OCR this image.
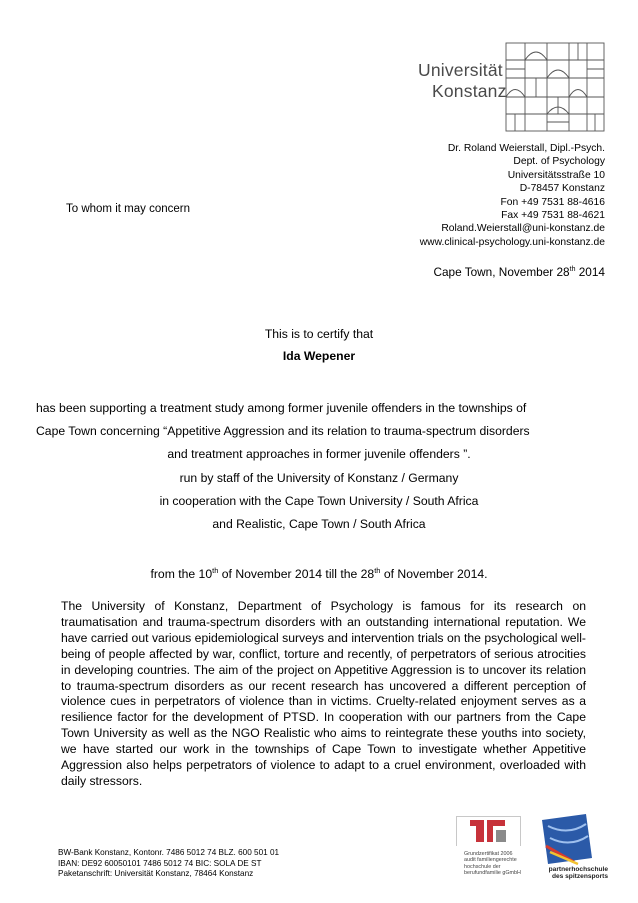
Universität
Konstanz
Dr. Roland Weierstall, Dipl.-Psych.
Dept. of Psychology
Universitätsstraße 10
D-78457 Konstanz
Fon +49 7531 88-4616
Fax +49 7531 88-4621
Roland.Weierstall@uni-konstanz.de
www.clinical-psychology.uni-konstanz.de
To whom it may concern
Cape Town, November 28th 2014
This is to certify that
Ida Wepener
has been supporting a treatment study among former juvenile offenders in the townships of
Cape Town concerning “Appetitive Aggression and its relation to trauma-spectrum disorders
and treatment approaches in former juvenile offenders ”.
run by staff of the University of Konstanz / Germany
in cooperation with the Cape Town University / South Africa
and Realistic, Cape Town / South Africa
from the 10th of November 2014 till the 28th of November 2014.
The University of Konstanz, Department of Psychology is famous for its research on traumatisation and trauma-spectrum disorders with an outstanding international reputation. We have carried out various epidemiological surveys and intervention trials on the psychological well-being of people affected by war, conflict, torture and recently, of perpetrators of serious atrocities in developing countries. The aim of the project on Appetitive Aggression is to uncover its relation to trauma-spectrum disorders as our recent research has uncovered a different perception of violence cues in perpetrators of violence than in victims. Cruelty-related enjoyment serves as a resilience factor for the development of PTSD. In cooperation with our partners from the Cape Town University as well as the NGO Realistic who aims to reintegrate these youths into society, we have started our work in the townships of Cape Town to investigate whether Appetitive Aggression also helps perpetrators of violence to adapt to a cruel environment, overloaded with daily stressors.
BW-Bank Konstanz, Kontonr. 7486 5012 74 BLZ. 600 501 01
IBAN: DE92 60050101 7486 5012 74 BIC: SOLA DE ST
Paketanschrift: Universität Konstanz, 78464 Konstanz
Grundzertifikat 2006
audit familiengerechte
hochschule der
berufundfamilie gGmbH
partnerhochschule
des spitzensports
